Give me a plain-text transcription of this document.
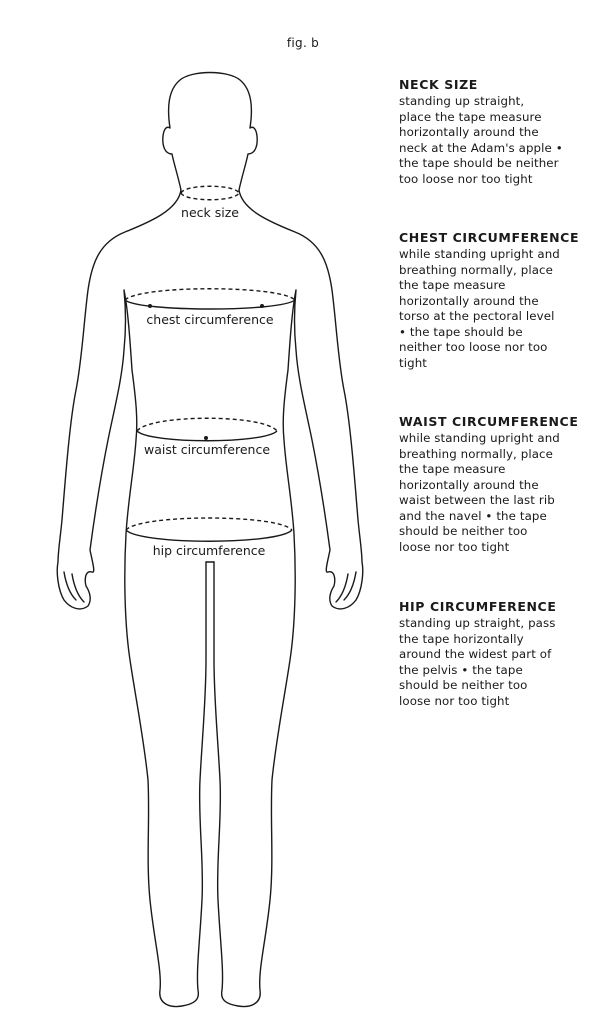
fig. b
neck size
chest circumference
waist circumference
hip circumference
NECK SIZE
standing up straight,
place the tape measure
horizontally around the
neck at the Adam's apple •
the tape should be neither
too loose nor too tight
CHEST CIRCUMFERENCE
while standing upright and
breathing normally, place
the tape measure
horizontally around the
torso at the pectoral level
• the tape should be
neither too loose nor too
tight
WAIST CIRCUMFERENCE
while standing upright and
breathing normally, place
the tape measure
horizontally around the
waist between the last rib
and the navel • the tape
should be neither too
loose nor too tight
HIP CIRCUMFERENCE
standing up straight, pass
the tape horizontally
around the widest part of
the pelvis • the tape
should be neither too
loose nor too tight
